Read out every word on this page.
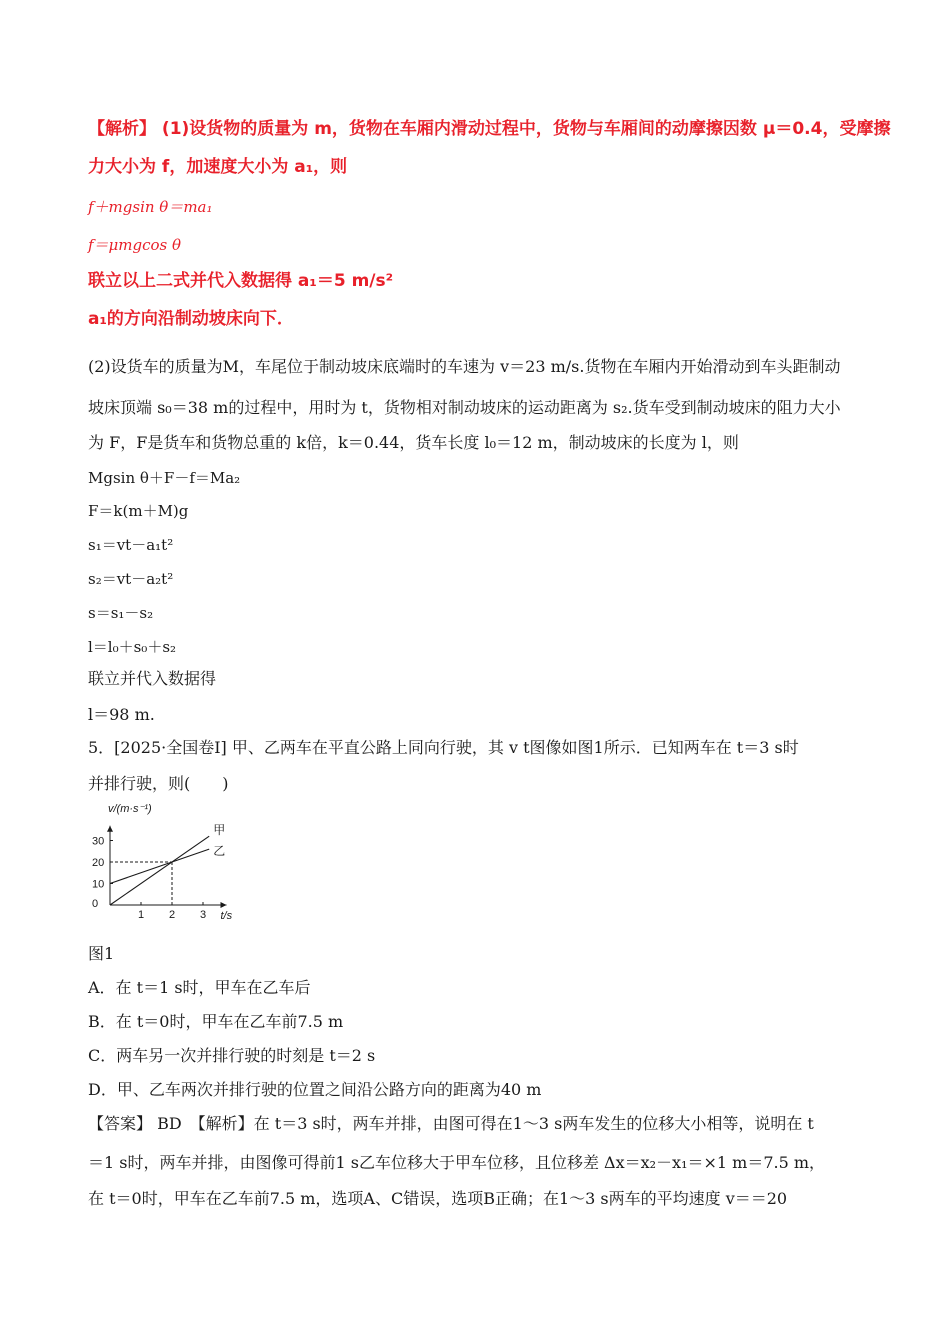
【解析】 (1)设货物的质量为 m，货物在车厢内滑动过程中，货物与车厢间的动摩擦因数 μ＝0.4，受摩擦
力大小为 f，加速度大小为 a₁，则
f＋mgsin θ＝ma₁
f＝μmgcos θ
联立以上二式并代入数据得 a₁＝5 m/s²
a₁的方向沿制动坡床向下．
(2)设货车的质量为M，车尾位于制动坡床底端时的车速为 v＝23 m/s.货物在车厢内开始滑动到车头距制动
坡床顶端 s₀＝38 m的过程中，用时为 t，货物相对制动坡床的运动距离为 s₂.货车受到制动坡床的阻力大小
为 F，F是货车和货物总重的 k倍，k＝0.44，货车长度 l₀＝12 m，制动坡床的长度为 l，则
Mgsin θ＋F－f＝Ma₂
F＝k(m＋M)g
s₁＝vt－a₁t²
s₂＝vt－a₂t²
s＝s₁－s₂
l＝l₀＋s₀＋s₂
联立并代入数据得
l＝98 m.
5．[2025·全国卷Ⅰ] 甲、乙两车在平直公路上同向行驶，其 v t图像如图1所示．已知两车在 t＝3 s时
并排行驶，则(　　)
1 2 3
0
10
20
30
甲
乙
v/(m·s⁻¹)
t/s
图1
A．在 t＝1 s时，甲车在乙车后
B．在 t＝0时，甲车在乙车前7.5 m
C．两车另一次并排行驶的时刻是 t＝2 s
D．甲、乙车两次并排行驶的位置之间沿公路方向的距离为40 m
【答案】 BD　【解析】在 t＝3 s时，两车并排，由图可得在1～3 s两车发生的位移大小相等，说明在 t
＝1 s时，两车并排，由图像可得前1 s乙车位移大于甲车位移，且位移差 Δx＝x₂－x₁＝×1 m＝7.5 m，
在 t＝0时，甲车在乙车前7.5 m，选项A、C错误，选项B正确；在1～3 s两车的平均速度 v＝＝20
